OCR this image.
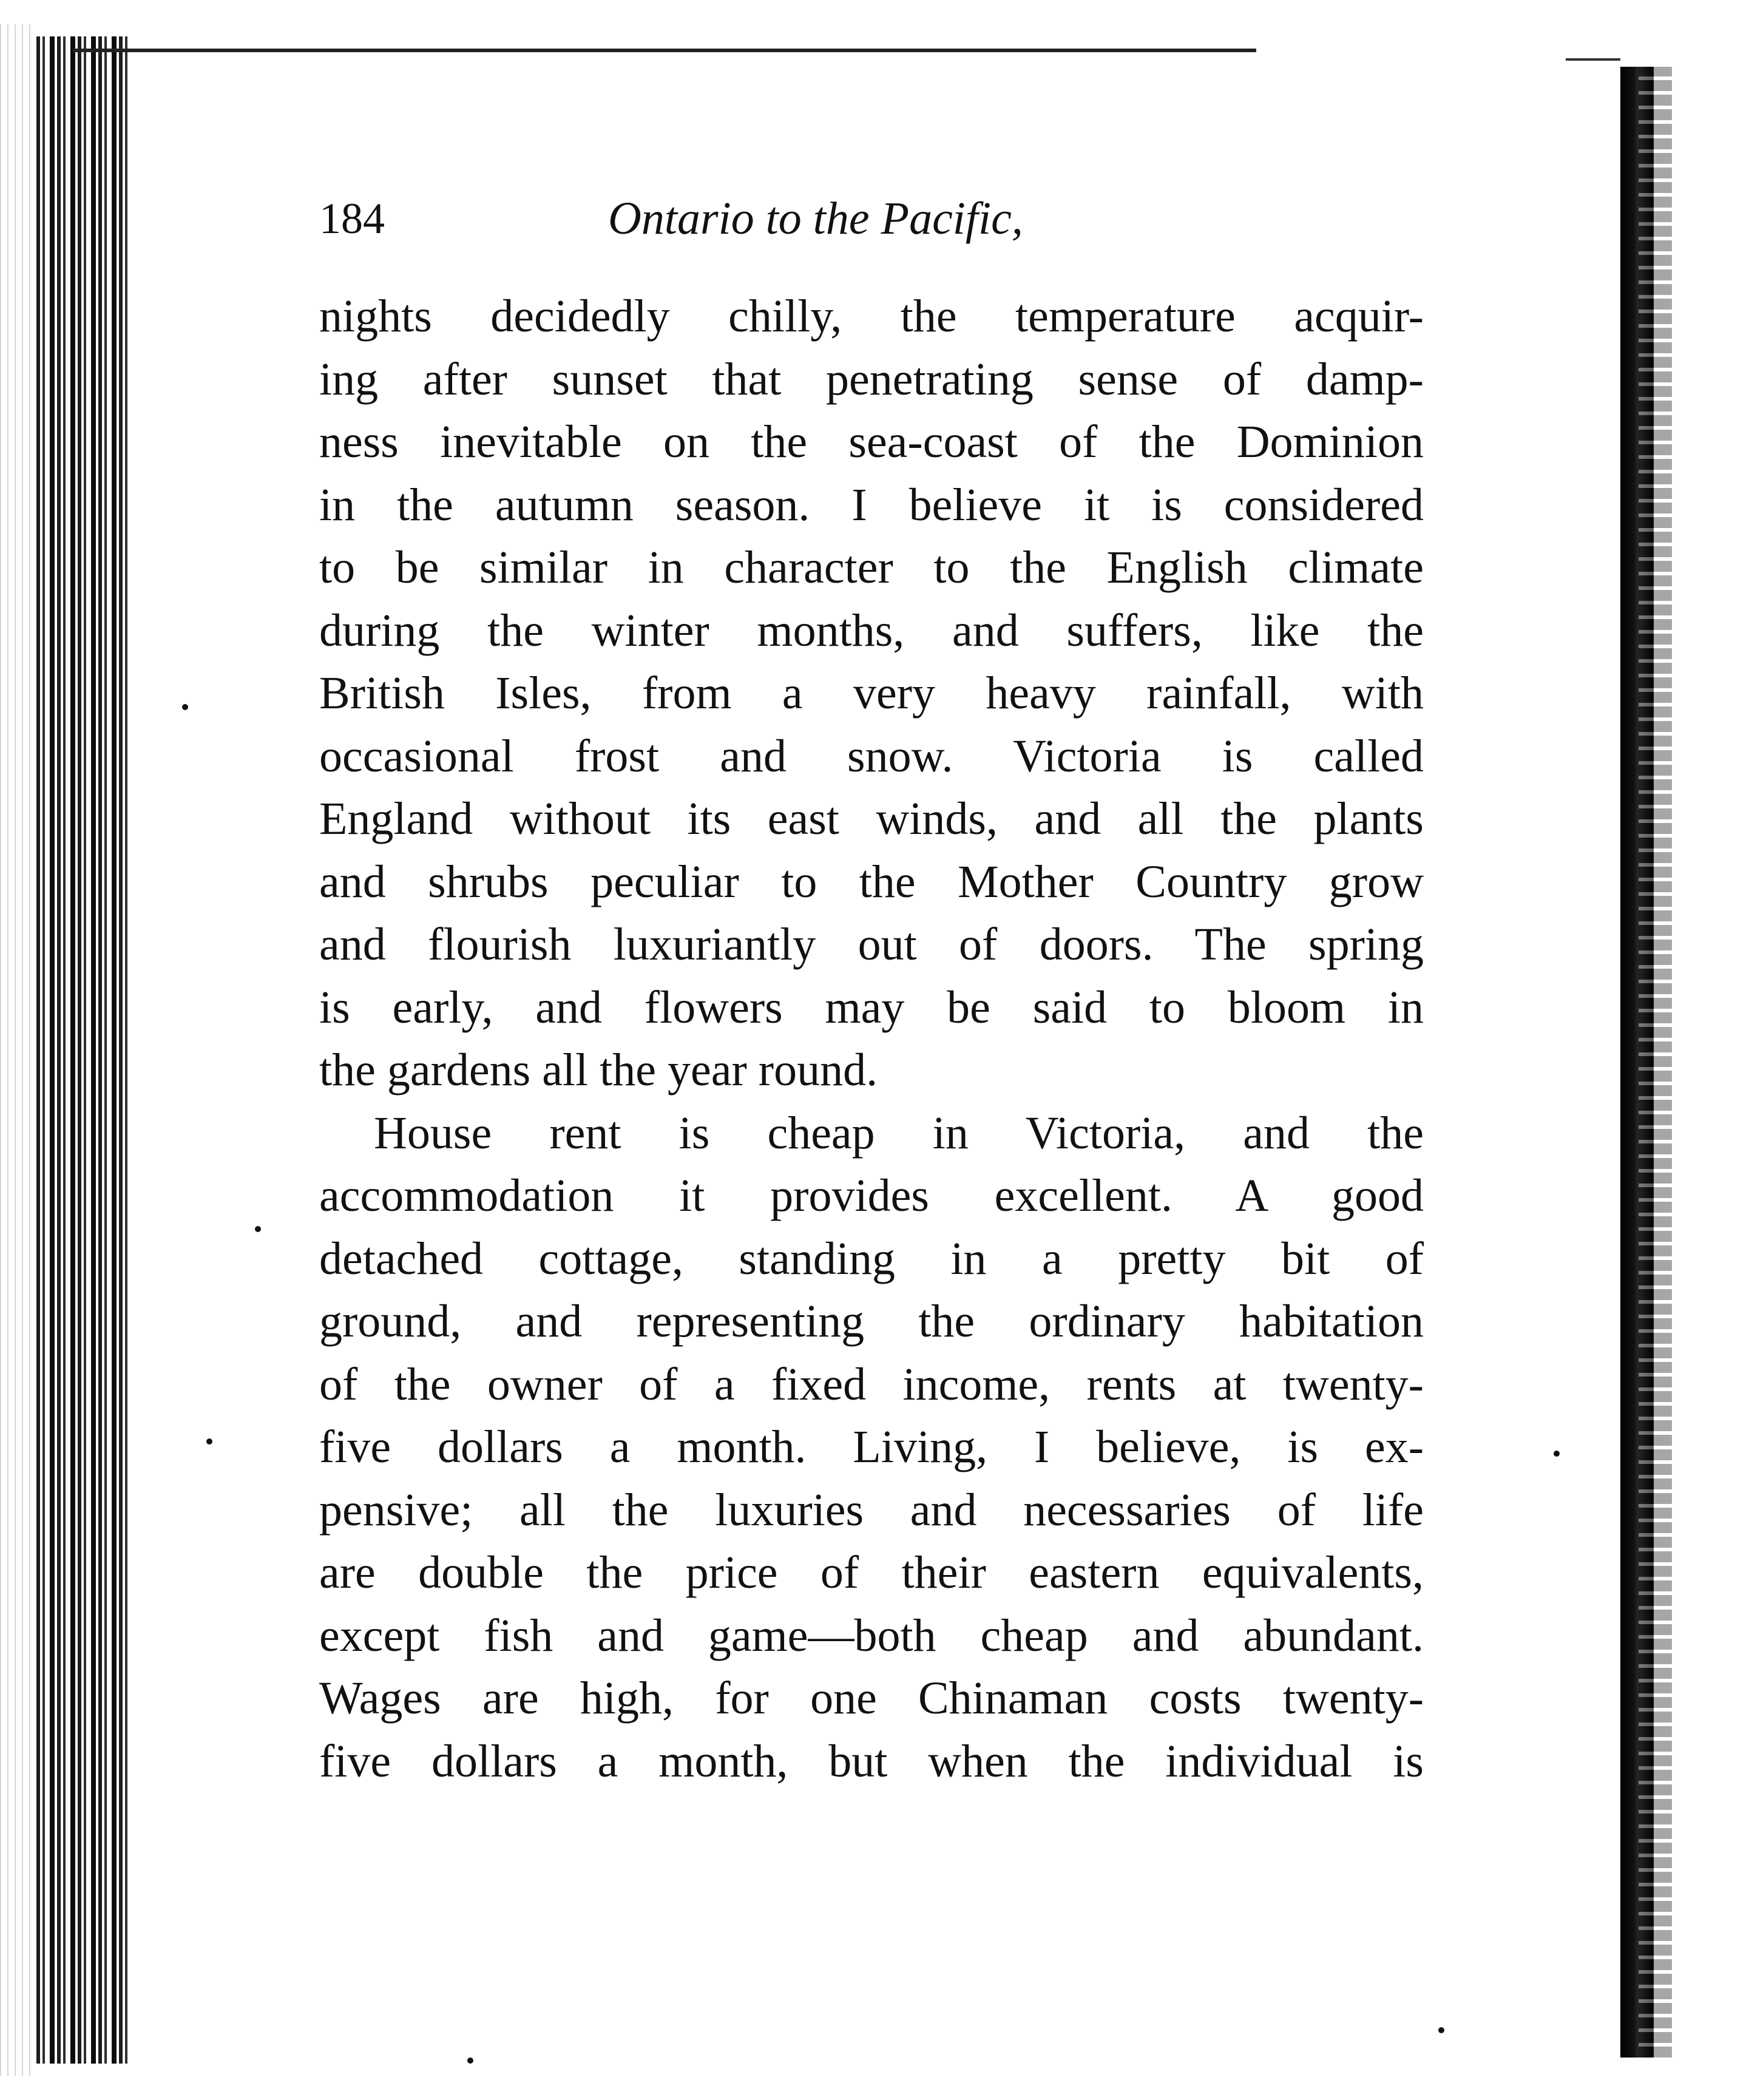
184	Ontario to the Pacific,
nights decidedly chilly, the temperature acquir-
ing after sunset that penetrating sense of damp-
ness inevitable on the sea-coast of the Dominion
in the autumn season. I believe it is considered
to be similar in character to the English climate
during the winter months, and suffers, like the
British Isles, from a very heavy rainfall, with
occasional frost and snow. Victoria is called
England without its east winds, and all the plants
and shrubs peculiar to the Mother Country grow
and flourish luxuriantly out of doors. The spring
is early, and flowers may be said to bloom in
the gardens all the year round.
House rent is cheap in Victoria, and the
accommodation it provides excellent. A good
detached cottage, standing in a pretty bit of
ground, and representing the ordinary habitation
of the owner of a fixed income, rents at twenty-
five dollars a month. Living, I believe, is ex-
pensive; all the luxuries and necessaries of life
are double the price of their eastern equivalents,
except fish and game—both cheap and abundant.
Wages are high, for one Chinaman costs twenty-
five dollars a month, but when the individual is
